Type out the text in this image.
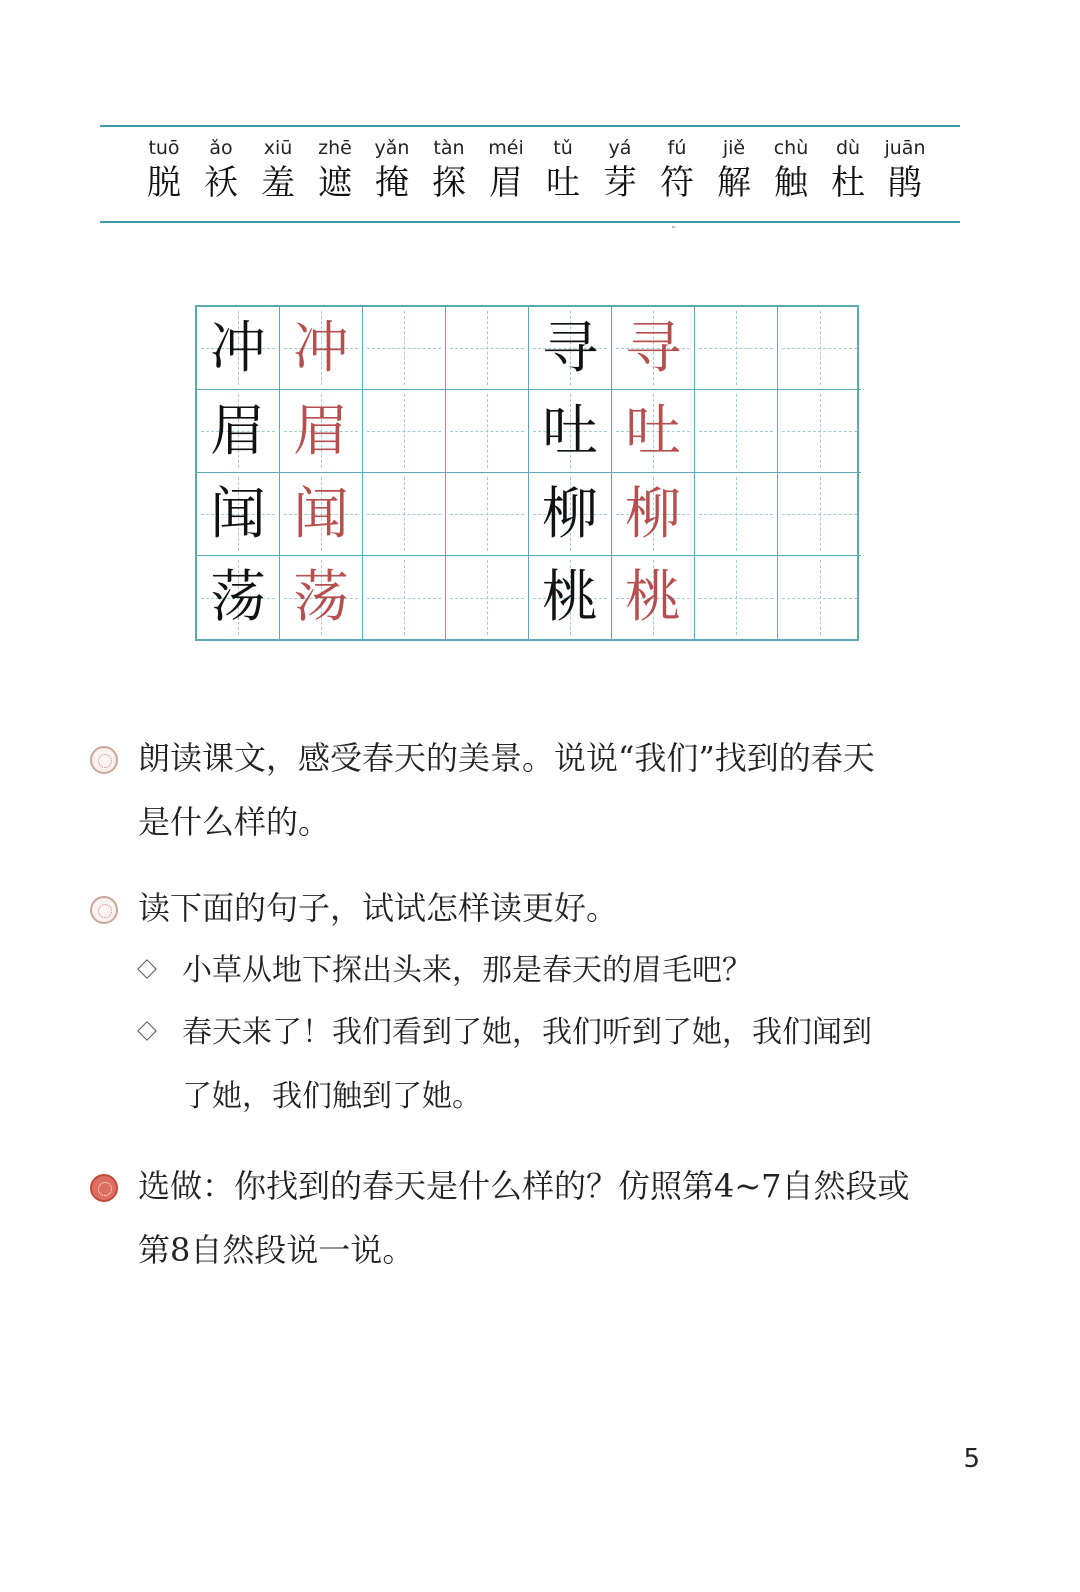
tuō
脱
ǎo
袄
xiū
羞
zhē
遮
yǎn
掩
tàn
探
méi
眉
tǔ
吐
yá
芽
fú
符
jiě
解
chù
触
dù
杜
juān
鹃
冲 冲	寻 寻
眉 眉	吐 吐
闻 闻	柳 柳
荡 荡	桃 桃
朗读课文，感受春天的美景。说说“我们”找到的春天
是什么样的。
读下面的句子，试试怎样读更好。
小草从地下探出头来，那是春天的眉毛吧？
春天来了！我们看到了她，我们听到了她，我们闻到
了她，我们触到了她。
选做：你找到的春天是什么样的？仿照第4~7自然段或
第8自然段说一说。
5
